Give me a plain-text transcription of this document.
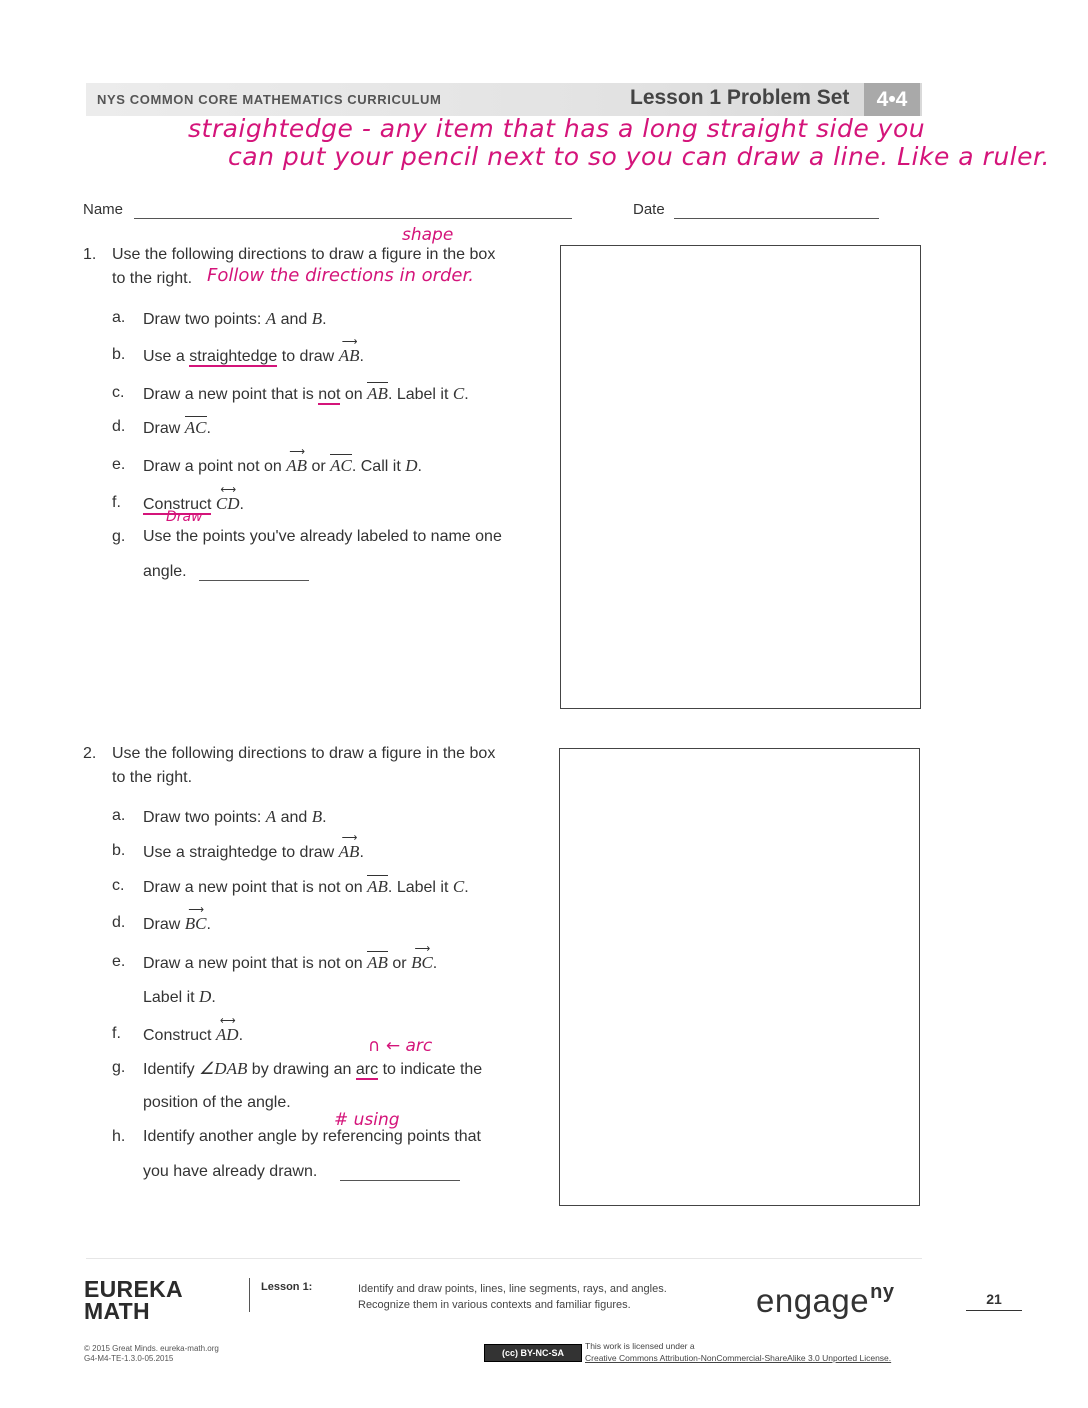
NYS COMMON CORE MATHEMATICS CURRICULUM	Lesson 1 Problem Set	4•4
straightedge - any item that has a long straight side you
can put your pencil next to so you can draw a line. Like a ruler.
Name	Date
shape
1. Use the following directions to draw a figure in the box
to the right. Follow the directions in order.
a. Draw two points: A and B.
b. Use a straightedge to draw
⟶
AB.
c. Draw a new point that is not on AB. Label it C.
d. Draw AC.
e. Draw a point not on
⟶
AB or AC. Call it D.
f. Construct
⟷
CD.
Draw
g. Use the points you've already labeled to name one
angle.
2. Use the following directions to draw a figure in the box
to the right.
a. Draw two points: A and B.
b. Use a straightedge to draw
⟶
AB.
c. Draw a new point that is not on AB. Label it C.
d. Draw
⟶
BC.
e. Draw a new point that is not on AB or
⟶
BC.
Label it D.
f. Construct
⟷
AD.
∩ ← arc
g. Identify ∠DAB by drawing an arc to indicate the
position of the angle.
# using
h. Identify another angle by referencing points that
you have already drawn.
EUREKA
MATH
Lesson 1:	Identify and draw points, lines, line segments, rays, and angles.
Recognize them in various contexts and familiar figures.	engage$^{ny}$	21
© 2015 Great Minds. eureka-math.org
G4-M4-TE-1.3.0-05.2015
(cc) BY-NC-SA
This work is licensed under a
Creative Commons Attribution-NonCommercial-ShareAlike 3.0 Unported License.
